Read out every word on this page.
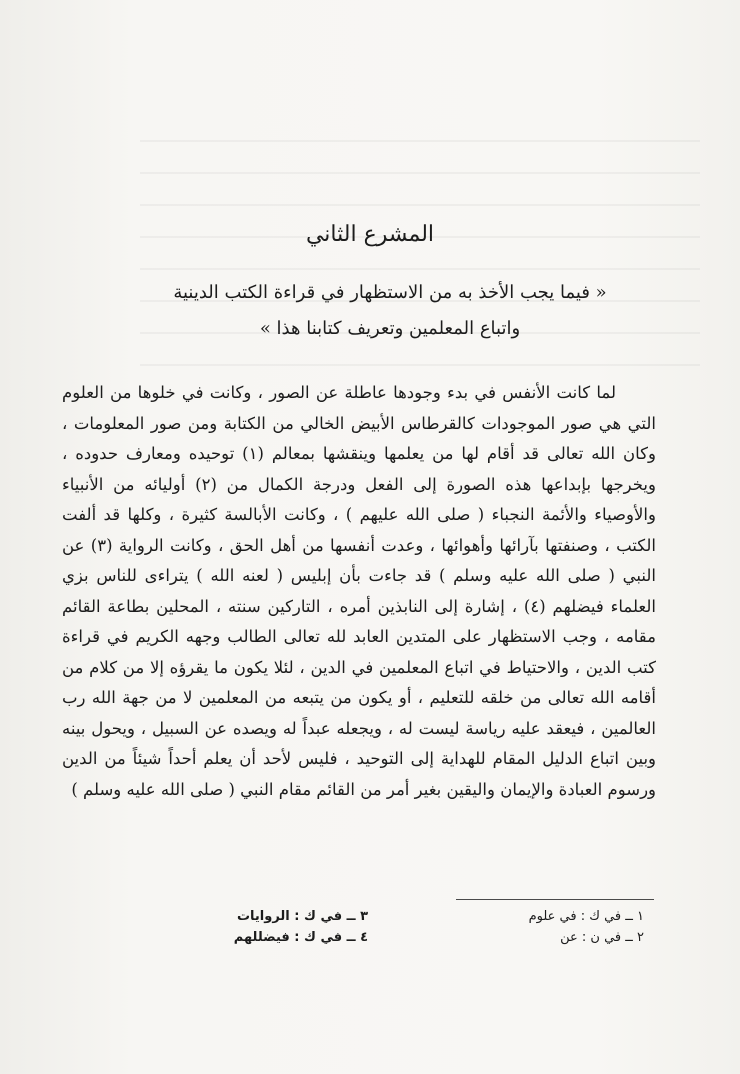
المشرع الثاني
« فيما يجب الأخذ به من الاستظهار في قراءة الكتب الدينية
واتباع المعلمين وتعريف كتابنا هذا »

لما كانت الأنفس في بدء وجودها عاطلة عن الصور ، وكانت في خلوها من العلوم التي هي صور الموجودات كالقرطاس الأبيض الخالي من الكتابة ومن صور المعلومات ، وكان الله تعالى قد أقام لها من يعلمها وينقشها بمعالم (١) توحيده ومعارف حدوده ، ويخرجها بإبداعها هذه الصورة إلى الفعل ودرجة الكمال من (٢) أوليائه من الأنبياء والأوصياء والأئمة النجباء ( صلى الله عليهم ) ، وكانت الأبالسة كثيرة ، وكلها قد ألفت الكتب ، وصنفتها بآرائها وأهوائها ، وعدت أنفسها من أهل الحق ، وكانت الرواية (٣) عن النبي ( صلى الله عليه وسلم ) قد جاءت بأن إبليس ( لعنه الله ) يتراءى للناس بزي العلماء فيضلهم (٤) ، إشارة إلى النابذين أمره ، التاركين سنته ، المحلين بطاعة القائم مقامه ، وجب الاستظهار على المتدين العابد لله تعالى الطالب وجهه الكريم في قراءة كتب الدين ، والاحتياط في اتباع المعلمين في الدين ، لئلا يكون ما يقرؤه إلا من كلام من أقامه الله تعالى من خلقه للتعليم ، أو يكون من يتبعه من المعلمين لا من جهة الله رب العالمين ، فيعقد عليه رياسة ليست له ، ويجعله عبداً له ويصده عن السبيل ، ويحول بينه وبين اتباع الدليل المقام للهداية إلى التوحيد ، فليس لأحد أن يعلم أحداً شيئاً من الدين ورسوم العبادة والإيمان واليقين بغير أمر من القائم مقام النبي ( صلى الله عليه وسلم )

١ ــ في ك : في علوم
٢ ــ في ن : عن
٣ ــ في ك : الروايات
٤ ــ في ك : فيضللهم
